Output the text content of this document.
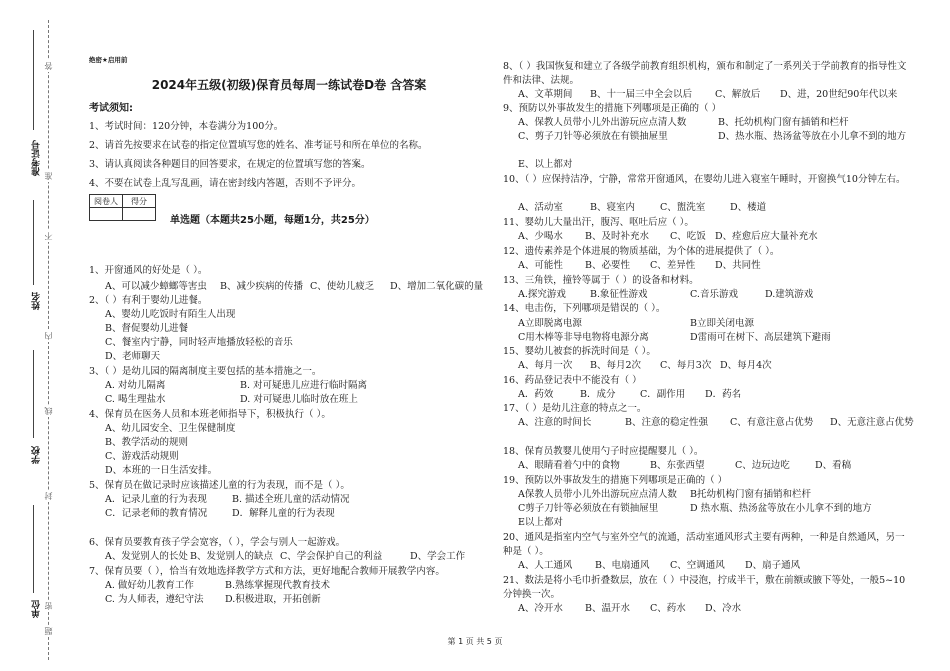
准考证号
姓名
学校
单位 密
封
线
内
不
准
答
题
绝密★启用前
2024年五级(初级)保育员每周一练试卷D卷 含答案
考试须知:
1、考试时间：120分钟，本卷满分为100分。
2、请首先按要求在试卷的指定位置填写您的姓名、准考证号和所在单位的名称。
3、请认真阅读各种题目的回答要求，在规定的位置填写您的答案。
4、不要在试卷上乱写乱画，请在密封线内答题，否则不予评分。
阅卷人	得分

单选题（本题共25小题，每题1分，共25分）
1、开窗通风的好处是（ ）。
A、可以减少蟑螂等害虫 B、减少疾病的传播 C、使幼儿疲乏 D、增加二氧化碳的量
2、（ ）有利于婴幼儿进餐。
A、婴幼儿吃饭时有陌生人出现
B、督促婴幼儿进餐
C、餐室内宁静，同时轻声地播放轻松的音乐
D、老师聊天
3、（ ）是幼儿园的隔离制度主要包括的基本措施之一。
A. 对幼儿隔离	B. 对可疑患儿应进行临时隔离
C. 喝生理盐水	D. 对可疑患儿临时放在班上
4、保育员在医务人员和本班老师指导下，积极执行（ ）。
A、幼儿园安全、卫生保健制度
B、教学活动的规则
C、游戏活动规则
D、本班的一日生活安排。
5、保育员在做记录时应该描述儿童的行为表现，而不是（ ）。
A．记录儿童的行为表现	B. 描述全班儿童的活动情况
C．记录老师的教育情况	D．解释儿童的行为表现
6、保育员要教育孩子学会宽容，（ ），学会与别人一起游戏。
A、发觉别人的长处 B、发觉别人的缺点 C、学会保护自己的利益	D、学会工作
7、保育员要（ ），恰当有效地选择教学方式和方法，更好地配合教师开展教学内容。
A. 做好幼儿教育工作	B.熟练掌握现代教育技术
C. 为人师表，遵纪守法 D.积极进取，开拓创新
8、（ ）我国恢复和建立了各级学前教育组织机构，颁布和制定了一系列关于学前教育的指导性文件和法律、法规。
A、文革期间 B、十一届三中全会以后 C、解放后 D、进，20世纪90年代以来
9、预防以外事故发生的措施下列哪项是正确的（ ）
A、保教人员带小儿外出游玩应点清人数	B、托幼机构门窗有插销和栏杆
C、剪子刀针等必须放在有锁抽屉里	D、热水瓶、热汤盆等放在小儿拿不到的地方
E、以上都对
10、（ ）应保持洁净，宁静，常常开窗通风，在婴幼儿进入寝室午睡时，开窗换气10分钟左右。
A、活动室	B、寝室内	C、盥洗室	D、楼道
11、婴幼儿大量出汗，腹泻、呕吐后应（ ）。
A、少喝水 B、及时补充水 C、吃饭 D、痊愈后应大量补充水
12、遗传素养是个体进展的物质基础，为个体的进展提供了（ ）。
A、可能性 B、必要性 C、差异性 D、共同性
13、三角铁，撞铃等属于（ ）的设备和材料。
A.探究游戏	B.象征性游戏	C.音乐游戏	D.建筑游戏
14、电击伤，下列哪项是错误的（ ）。
A立即脱离电源	B立即关闭电源
C用木棒等非导电物将电源分离	D雷雨可在树下、高层建筑下避雨
15、婴幼儿被套的拆洗时间是（ ）。
A、每月一次 B、每月2次 C、每月3次 D、每月4次
16、药品登记表中不能没有（ ）
A．药效	B．成分	C．副作用 D．药名
17、（ ）是幼儿注意的特点之一。
A、注意的时间长	B、注意的稳定性强 C、有意注意占优势 D、无意注意占优势
18、保育员教婴儿使用勺子时应提醒婴儿（ ）。
A、眼睛看着勺中的食物	B、东张西望	C、边玩边吃	D、看稿
19、预防以外事故发生的措施下列哪项是正确的（ ）
A保教人员带小儿外出游玩应点清人数 B托幼机构门窗有插销和栏杆
C剪子刀针等必须放在有锁抽屉里	D 热水瓶、热汤盆等放在小儿拿不到的地方
E以上都对
20、通风是指室内空气与室外空气的流通，活动室通风形式主要有两种，一种是自然通风，另一种是（ ）。
A、人工通风 B、电扇通风 C、空调通风 D、扇子通风
21、数法是将小毛巾折叠数层，放在（ ）中浸泡，拧成半干，敷在前额或腋下等处，一般5~10分钟换一次。
A、冷开水 B、温开水 C、药水 D、冷水
第 1 页 共 5 页
